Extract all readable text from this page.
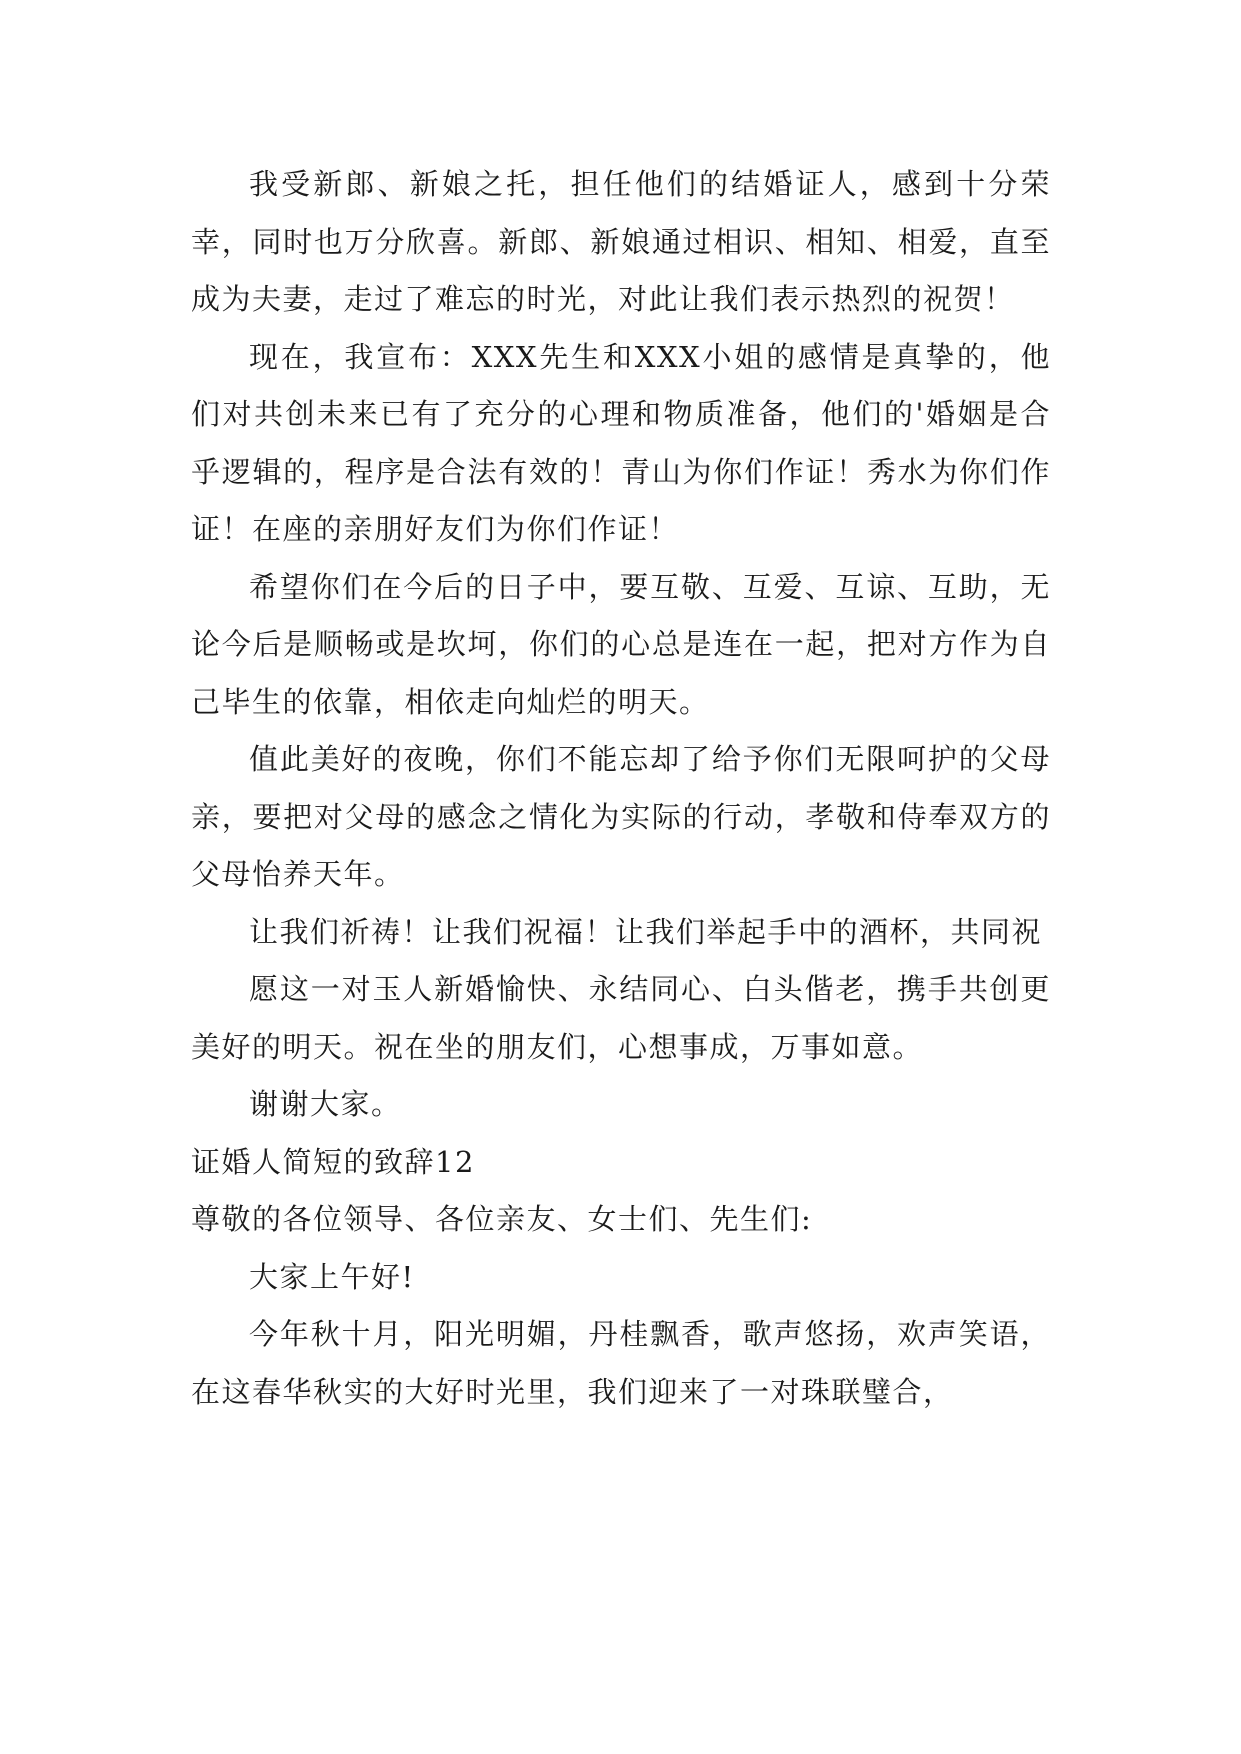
我受新郎、新娘之托，担任他们的结婚证人，感到十分荣幸，同时也万分欣喜。新郎、新娘通过相识、相知、相爱，直至成为夫妻，走过了难忘的时光，对此让我们表示热烈的祝贺！

现在，我宣布：XXX先生和XXX小姐的感情是真挚的，他们对共创未来已有了充分的心理和物质准备，他们的'婚姻是合乎逻辑的，程序是合法有效的！青山为你们作证！秀水为你们作证！在座的亲朋好友们为你们作证！

希望你们在今后的日子中，要互敬、互爱、互谅、互助，无论今后是顺畅或是坎坷，你们的心总是连在一起，把对方作为自己毕生的依靠，相依走向灿烂的明天。

值此美好的夜晚，你们不能忘却了给予你们无限呵护的父母亲，要把对父母的感念之情化为实际的行动，孝敬和侍奉双方的父母怡养天年。

让我们祈祷！让我们祝福！让我们举起手中的酒杯，共同祝

愿这一对玉人新婚愉快、永结同心、白头偕老，携手共创更美好的明天。祝在坐的朋友们，心想事成，万事如意。

谢谢大家。

证婚人简短的致辞12

尊敬的各位领导、各位亲友、女士们、先生们:

大家上午好!

今年秋十月，阳光明媚，丹桂飘香，歌声悠扬，欢声笑语，在这春华秋实的大好时光里，我们迎来了一对珠联璧合，
